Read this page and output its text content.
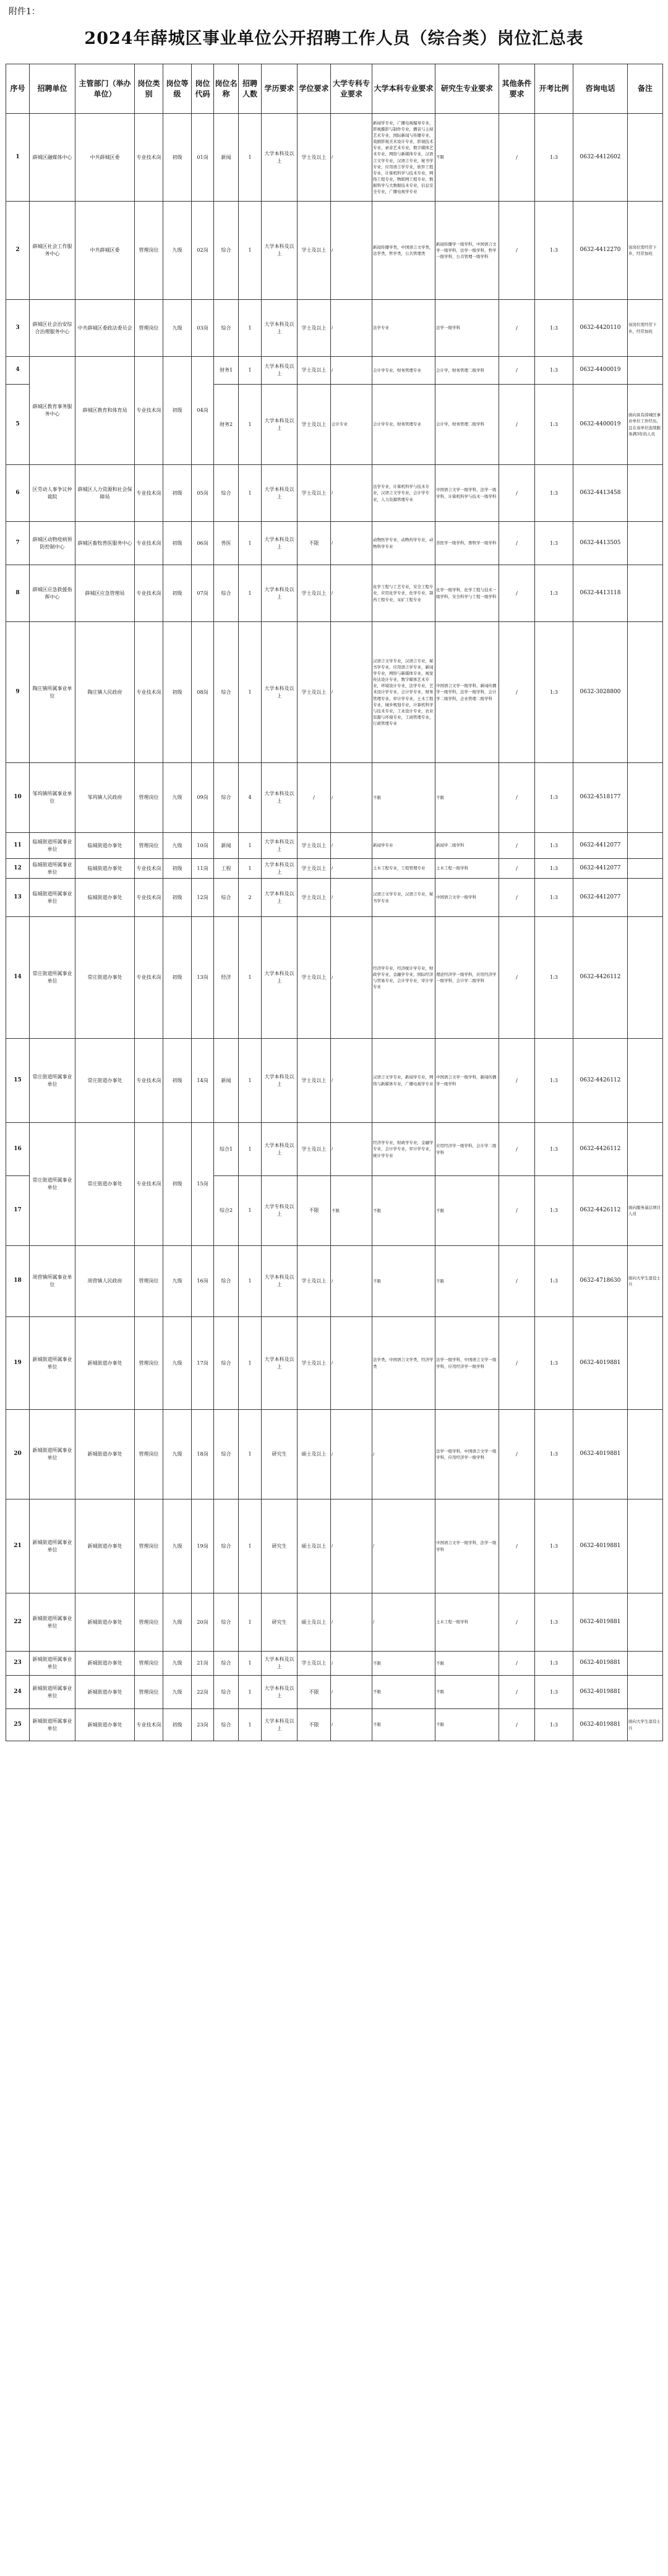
附件1：
2024年薛城区事业单位公开招聘工作人员（综合类）岗位汇总表
序号	招聘单位	主管部门（举办单位）	岗位类别	岗位等级	岗位代码	岗位名称	招聘人数	学历要求	学位要求	大学专科专业要求	大学本科专业要求	研究生专业要求	其他条件要求	开考比例	咨询电话	备注
1	薛城区融媒体中心	中共薛城区委	专业技术岗	初级	01岗	新闻	1	大学本科及以上	学士及以上	/	新闻学专业，广播电视编导专业，影视摄影与制作专业，播音与主持艺术专业，国际新闻与传播专业，戏剧影视美术设计专业，影视技术专业，录音艺术专业，数字媒体艺术专业，网络与新媒体专业，汉语言文学专业，汉语言专业，秘书学专业，应用语言学专业，软件工程专业，计算机科学与技术专业，网络工程专业，物联网工程专业，数据科学与大数据技术专业，信息安全专业，广播电视学专业	不限	/	1:3	0632-4412602	
2	薛城区社会工作服务中心	中共薛城区委	管理岗位	九级	02岗	综合	1	大学本科及以上	学士及以上	/	新闻传播学类，中国语言文学类，法学类，哲学类，公共管理类	新闻传播学一级学科，中国语言文学一级学科，法学一级学科，哲学一级学科，公共管理一级学科	/	1:3	0632-4412270	该岗位需经常下乡，经常加班
3	薛城区社会治安综合治理服务中心	中共薛城区委政法委员会	管理岗位	九级	03岗	综合	1	大学本科及以上	学士及以上	/	法学专业	法学一级学科	/	1:3	0632-4420110	该岗位需经常下乡，经常加班
4	薛城区教育事务服务中心	薛城区教育和体育局	专业技术岗	初级	04岗	财务1	1	大学本科及以上	学士及以上	/	会计学专业，财务管理专业	会计学，财务管理二级学科	/	1:3	0632-4400019	
5						财务2	1	大学本科及以上	学士及以上	会计专业	会计学专业，财务管理专业	会计学，财务管理二级学科	/	1:3	0632-4400019	面向具有薛城区事业单位工作经历，且在该单位连续服务满3年的人员
6	区劳动人事争议仲裁院	薛城区人力资源和社会保障局	专业技术岗	初级	05岗	综合	1	大学本科及以上	学士及以上	/	法学专业，计算机科学与技术专业，汉语言文学专业，会计学专业，人力资源管理专业	中国语言文学一级学科，法学一级学科，计算机科学与技术一级学科	/	1:3	0632-4413458	
7	薛城区动物疫病预防控制中心	薛城区畜牧兽医服务中心	专业技术岗	初级	06岗	兽医	1	大学本科及以上	不限	/	动物医学专业，动物药学专业，动物科学专业	兽医学一级学科，畜牧学一级学科	/	1:3	0632-4413505	
8	薛城区应急救援指挥中心	薛城区应急管理局	专业技术岗	初级	07岗	综合	1	大学本科及以上	学士及以上	/	化学工程与工艺专业，安全工程专业，应用化学专业，化学专业，制药工程专业，采矿工程专业	化学一级学科，化学工程与技术一级学科，安全科学与工程一级学科	/	1:3	0632-4413118	
9	陶庄镇所属事业单位	陶庄镇人民政府	专业技术岗	初级	08岗	综合	1	大学本科及以上	学士及以上	/	汉语言文学专业，汉语言专业，秘书学专业，应用语言学专业，新闻学专业，网络与新媒体专业，视觉传达设计专业，数字媒体艺术专业，环境设计专业，法学专业，艺术设计学专业，会计学专业，财务管理专业，审计学专业，土木工程专业，城乡规划专业，计算机科学与技术专业，工业设计专业，农业资源与环境专业，工商管理专业，行政管理专业	中国语言文学一级学科，新闻传播学一级学科，法学一级学科，会计学二级学科，企业管理二级学科	/	1:3	0632-3028800	
10	邹坞镇所属事业单位	邹坞镇人民政府	管理岗位	九级	09岗	综合	4	大学本科及以上	/	/	不限	不限	/	1:3	0632-4518177	
11	临城街道所属事业单位	临城街道办事处	管理岗位	九级	10岗	新闻	1	大学本科及以上	学士及以上	/	新闻学专业	新闻学二级学科	/	1:3	0632-4412077	
12	临城街道所属事业单位	临城街道办事处	专业技术岗	初级	11岗	工程	1	大学本科及以上	学士及以上	/	土木工程专业，工程管理专业	土木工程一级学科	/	1:3	0632-4412077	
13	临城街道所属事业单位	临城街道办事处	专业技术岗	初级	12岗	综合	2	大学本科及以上	学士及以上	/	汉语言文学专业，汉语言专业，秘书学专业	中国语言文学一级学科	/	1:3	0632-4412077	
14	常庄街道所属事业单位	常庄街道办事处	专业技术岗	初级	13岗	经济	1	大学本科及以上	学士及以上	/	经济学专业，经济统计学专业，财政学专业，金融学专业，国际经济与贸易专业，会计学专业，审计学专业	理论经济学一级学科，应用经济学一级学科，会计学二级学科	/	1:3	0632-4426112	
15	常庄街道所属事业单位	常庄街道办事处	专业技术岗	初级	14岗	新闻	1	大学本科及以上	学士及以上	/	汉语言文学专业，新闻学专业，网络与新媒体专业，广播电视学专业	中国语言文学一级学科，新闻传播学一级学科	/	1:3	0632-4426112	
16	常庄街道所属事业单位	常庄街道办事处	专业技术岗	初级	15岗	综合1	1	大学本科及以上	学士及以上	/	经济学专业，财政学专业，金融学专业，会计学专业，审计学专业，统计学专业	应用经济学一级学科，会计学二级学科	/	1:3	0632-4426112	
17						综合2	1	大学专科及以上	不限	不限	不限	不限	/	1:3	0632-4426112	面向服务基层项目人员
18	周营镇所属事业单位	周营镇人民政府	管理岗位	九级	16岗	综合	1	大学本科及以上	学士及以上	/	不限	不限	/	1:3	0632-4718630	面向大学生退役士兵
19	新城街道所属事业单位	新城街道办事处	管理岗位	九级	17岗	综合	1	大学本科及以上	学士及以上	/	法学类，中国语言文学类，经济学类	法学一级学科，中国语言文学一级学科，应用经济学一级学科	/	1:3	0632-4019881	
20	新城街道所属事业单位	新城街道办事处	管理岗位	九级	18岗	综合	1	研究生	硕士及以上	/	/	法学一级学科，中国语言文学一级学科，应用经济学一级学科	/	1:3	0632-4019881	
21	新城街道所属事业单位	新城街道办事处	管理岗位	九级	19岗	综合	1	研究生	硕士及以上	/	/	中国语言文学一级学科，法学一级学科	/	1:3	0632-4019881	
22	新城街道所属事业单位	新城街道办事处	管理岗位	九级	20岗	综合	1	研究生	硕士及以上	/	/	土木工程一级学科	/	1:3	0632-4019881	
23	新城街道所属事业单位	新城街道办事处	管理岗位	九级	21岗	综合	1	大学本科及以上	学士及以上	/	不限	不限	/	1:3	0632-4019881	
24	新城街道所属事业单位	新城街道办事处	管理岗位	九级	22岗	综合	1	大学本科及以上	不限	/	不限	不限	/	1:3	0632-4019881	
25	新城街道所属事业单位	新城街道办事处	专业技术岗	初级	23岗	综合	1	大学本科及以上	不限	/	不限	不限	/	1:3	0632-4019881	面向大学生退役士兵
